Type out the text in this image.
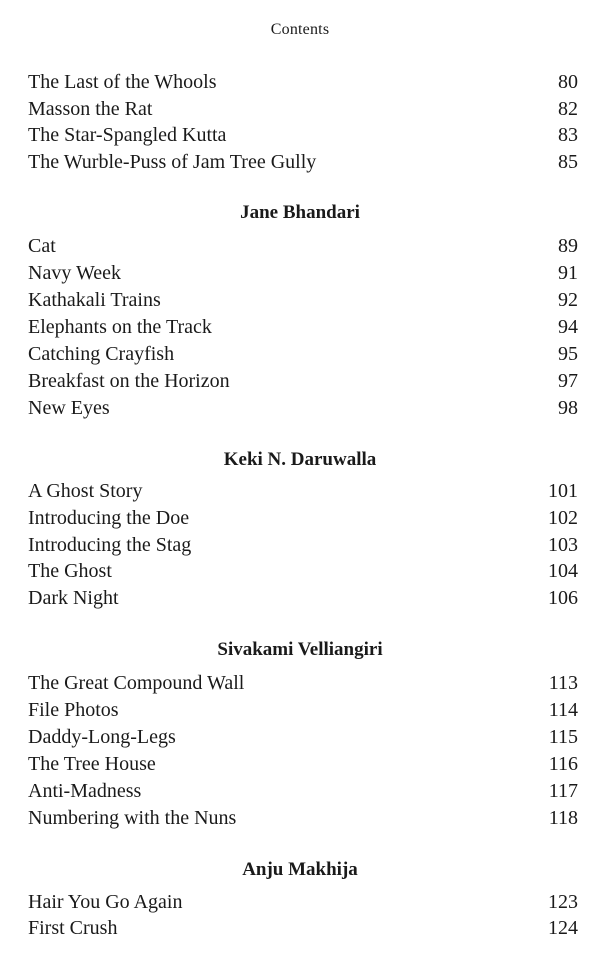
Contents
The Last of the Whools	80
Masson the Rat	82
The Star-Spangled Kutta	83
The Wurble-Puss of Jam Tree Gully	85
Jane Bhandari
Cat	89
Navy Week	91
Kathakali Trains	92
Elephants on the Track	94
Catching Crayfish	95
Breakfast on the Horizon	97
New Eyes	98
Keki N. Daruwalla
A Ghost Story	101
Introducing the Doe	102
Introducing the Stag	103
The Ghost	104
Dark Night	106
Sivakami Velliangiri
The Great Compound Wall	113
File Photos	114
Daddy-Long-Legs	115
The Tree House	116
Anti-Madness	117
Numbering with the Nuns	118
Anju Makhija
Hair You Go Again	123
First Crush	124
